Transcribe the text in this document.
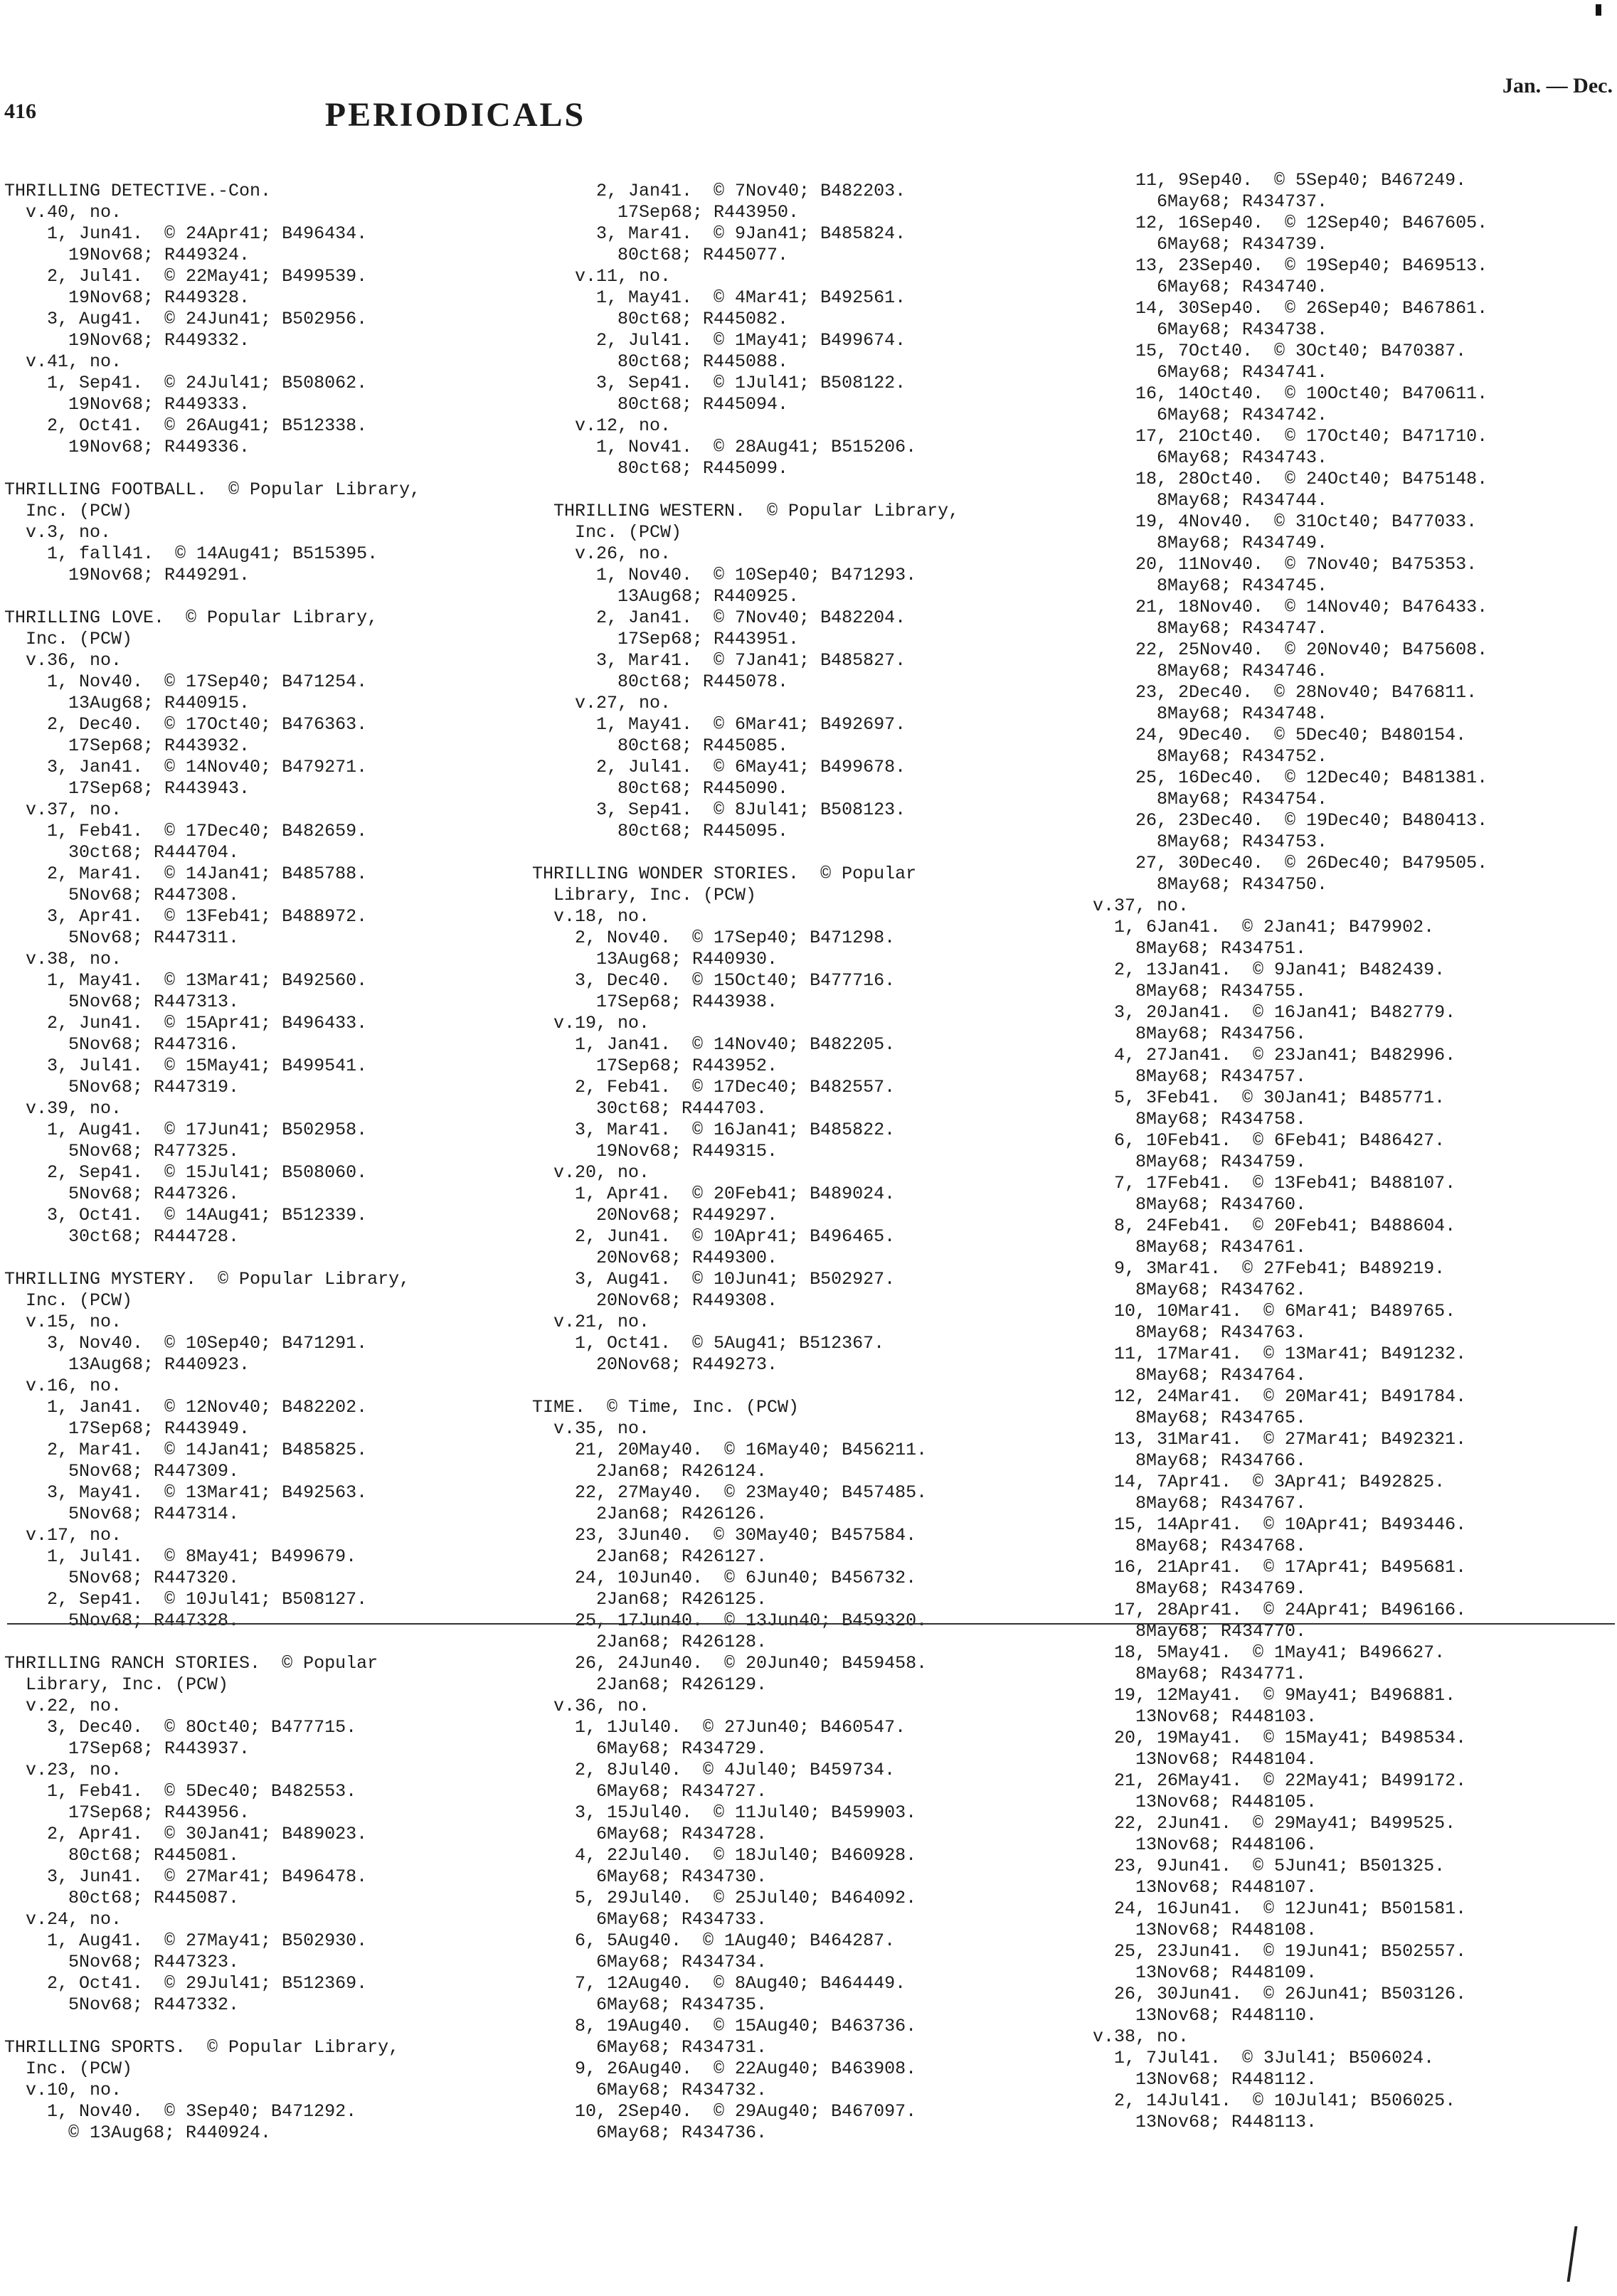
416	PERIODICALS
Jan. — Dec.
THRILLING DETECTIVE.-Con.
v.40, no.
1, Jun41.  © 24Apr41; B496434.
19Nov68; R449324.
2, Jul41.  © 22May41; B499539.
19Nov68; R449328.
3, Aug41.  © 24Jun41; B502956.
19Nov68; R449332.
v.41, no.
1, Sep41.  © 24Jul41; B508062.
19Nov68; R449333.
2, Oct41.  © 26Aug41; B512338.
19Nov68; R449336.
THRILLING FOOTBALL.  © Popular Library,
Inc. (PCW)
v.3, no.
1, fall41.  © 14Aug41; B515395.
19Nov68; R449291.
THRILLING LOVE.  © Popular Library,
Inc. (PCW)
v.36, no.
1, Nov40.  © 17Sep40; B471254.
13Aug68; R440915.
2, Dec40.  © 17Oct40; B476363.
17Sep68; R443932.
3, Jan41.  © 14Nov40; B479271.
17Sep68; R443943.
v.37, no.
1, Feb41.  © 17Dec40; B482659.
30ct68; R444704.
2, Mar41.  © 14Jan41; B485788.
5Nov68; R447308.
3, Apr41.  © 13Feb41; B488972.
5Nov68; R447311.
v.38, no.
1, May41.  © 13Mar41; B492560.
5Nov68; R447313.
2, Jun41.  © 15Apr41; B496433.
5Nov68; R447316.
3, Jul41.  © 15May41; B499541.
5Nov68; R447319.
v.39, no.
1, Aug41.  © 17Jun41; B502958.
5Nov68; R477325.
2, Sep41.  © 15Jul41; B508060.
5Nov68; R447326.
3, Oct41.  © 14Aug41; B512339.
30ct68; R444728.
THRILLING MYSTERY.  © Popular Library,
Inc. (PCW)
v.15, no.
3, Nov40.  © 10Sep40; B471291.
13Aug68; R440923.
v.16, no.
1, Jan41.  © 12Nov40; B482202.
17Sep68; R443949.
2, Mar41.  © 14Jan41; B485825.
5Nov68; R447309.
3, May41.  © 13Mar41; B492563.
5Nov68; R447314.
v.17, no.
1, Jul41.  © 8May41; B499679.
5Nov68; R447320.
2, Sep41.  © 10Jul41; B508127.
5Nov68; R447328.
THRILLING RANCH STORIES.  © Popular
Library, Inc. (PCW)
v.22, no.
3, Dec40.  © 8Oct40; B477715.
17Sep68; R443937.
v.23, no.
1, Feb41.  © 5Dec40; B482553.
17Sep68; R443956.
2, Apr41.  © 30Jan41; B489023.
80ct68; R445081.
3, Jun41.  © 27Mar41; B496478.
80ct68; R445087.
v.24, no.
1, Aug41.  © 27May41; B502930.
5Nov68; R447323.
2, Oct41.  © 29Jul41; B512369.
5Nov68; R447332.
THRILLING SPORTS.  © Popular Library,
Inc. (PCW)
v.10, no.
1, Nov40.  © 3Sep40; B471292.
© 13Aug68; R440924.
2, Jan41.  © 7Nov40; B482203.
17Sep68; R443950.
3, Mar41.  © 9Jan41; B485824.
80ct68; R445077.
v.11, no.
1, May41.  © 4Mar41; B492561.
80ct68; R445082.
2, Jul41.  © 1May41; B499674.
80ct68; R445088.
3, Sep41.  © 1Jul41; B508122.
80ct68; R445094.
v.12, no.
1, Nov41.  © 28Aug41; B515206.
80ct68; R445099.
THRILLING WESTERN.  © Popular Library,
Inc. (PCW)
v.26, no.
1, Nov40.  © 10Sep40; B471293.
13Aug68; R440925.
2, Jan41.  © 7Nov40; B482204.
17Sep68; R443951.
3, Mar41.  © 7Jan41; B485827.
80ct68; R445078.
v.27, no.
1, May41.  © 6Mar41; B492697.
80ct68; R445085.
2, Jul41.  © 6May41; B499678.
80ct68; R445090.
3, Sep41.  © 8Jul41; B508123.
80ct68; R445095.
THRILLING WONDER STORIES.  © Popular
Library, Inc. (PCW)
v.18, no.
2, Nov40.  © 17Sep40; B471298.
13Aug68; R440930.
3, Dec40.  © 15Oct40; B477716.
17Sep68; R443938.
v.19, no.
1, Jan41.  © 14Nov40; B482205.
17Sep68; R443952.
2, Feb41.  © 17Dec40; B482557.
30ct68; R444703.
3, Mar41.  © 16Jan41; B485822.
19Nov68; R449315.
v.20, no.
1, Apr41.  © 20Feb41; B489024.
20Nov68; R449297.
2, Jun41.  © 10Apr41; B496465.
20Nov68; R449300.
3, Aug41.  © 10Jun41; B502927.
20Nov68; R449308.
v.21, no.
1, Oct41.  © 5Aug41; B512367.
20Nov68; R449273.
TIME.  © Time, Inc. (PCW)
v.35, no.
21, 20May40.  © 16May40; B456211.
2Jan68; R426124.
22, 27May40.  © 23May40; B457485.
2Jan68; R426126.
23, 3Jun40.  © 30May40; B457584.
2Jan68; R426127.
24, 10Jun40.  © 6Jun40; B456732.
2Jan68; R426125.
25, 17Jun40.  © 13Jun40; B459320.
2Jan68; R426128.
26, 24Jun40.  © 20Jun40; B459458.
2Jan68; R426129.
v.36, no.
1, 1Jul40.  © 27Jun40; B460547.
6May68; R434729.
2, 8Jul40.  © 4Jul40; B459734.
6May68; R434727.
3, 15Jul40.  © 11Jul40; B459903.
6May68; R434728.
4, 22Jul40.  © 18Jul40; B460928.
6May68; R434730.
5, 29Jul40.  © 25Jul40; B464092.
6May68; R434733.
6, 5Aug40.  © 1Aug40; B464287.
6May68; R434734.
7, 12Aug40.  © 8Aug40; B464449.
6May68; R434735.
8, 19Aug40.  © 15Aug40; B463736.
6May68; R434731.
9, 26Aug40.  © 22Aug40; B463908.
6May68; R434732.
10, 2Sep40.  © 29Aug40; B467097.
6May68; R434736.
11, 9Sep40.  © 5Sep40; B467249.
6May68; R434737.
12, 16Sep40.  © 12Sep40; B467605.
6May68; R434739.
13, 23Sep40.  © 19Sep40; B469513.
6May68; R434740.
14, 30Sep40.  © 26Sep40; B467861.
6May68; R434738.
15, 7Oct40.  © 3Oct40; B470387.
6May68; R434741.
16, 14Oct40.  © 10Oct40; B470611.
6May68; R434742.
17, 21Oct40.  © 17Oct40; B471710.
6May68; R434743.
18, 28Oct40.  © 24Oct40; B475148.
8May68; R434744.
19, 4Nov40.  © 31Oct40; B477033.
8May68; R434749.
20, 11Nov40.  © 7Nov40; B475353.
8May68; R434745.
21, 18Nov40.  © 14Nov40; B476433.
8May68; R434747.
22, 25Nov40.  © 20Nov40; B475608.
8May68; R434746.
23, 2Dec40.  © 28Nov40; B476811.
8May68; R434748.
24, 9Dec40.  © 5Dec40; B480154.
8May68; R434752.
25, 16Dec40.  © 12Dec40; B481381.
8May68; R434754.
26, 23Dec40.  © 19Dec40; B480413.
8May68; R434753.
27, 30Dec40.  © 26Dec40; B479505.
8May68; R434750.
v.37, no.
1, 6Jan41.  © 2Jan41; B479902.
8May68; R434751.
2, 13Jan41.  © 9Jan41; B482439.
8May68; R434755.
3, 20Jan41.  © 16Jan41; B482779.
8May68; R434756.
4, 27Jan41.  © 23Jan41; B482996.
8May68; R434757.
5, 3Feb41.  © 30Jan41; B485771.
8May68; R434758.
6, 10Feb41.  © 6Feb41; B486427.
8May68; R434759.
7, 17Feb41.  © 13Feb41; B488107.
8May68; R434760.
8, 24Feb41.  © 20Feb41; B488604.
8May68; R434761.
9, 3Mar41.  © 27Feb41; B489219.
8May68; R434762.
10, 10Mar41.  © 6Mar41; B489765.
8May68; R434763.
11, 17Mar41.  © 13Mar41; B491232.
8May68; R434764.
12, 24Mar41.  © 20Mar41; B491784.
8May68; R434765.
13, 31Mar41.  © 27Mar41; B492321.
8May68; R434766.
14, 7Apr41.  © 3Apr41; B492825.
8May68; R434767.
15, 14Apr41.  © 10Apr41; B493446.
8May68; R434768.
16, 21Apr41.  © 17Apr41; B495681.
8May68; R434769.
17, 28Apr41.  © 24Apr41; B496166.
8May68; R434770.
18, 5May41.  © 1May41; B496627.
8May68; R434771.
19, 12May41.  © 9May41; B496881.
13Nov68; R448103.
20, 19May41.  © 15May41; B498534.
13Nov68; R448104.
21, 26May41.  © 22May41; B499172.
13Nov68; R448105.
22, 2Jun41.  © 29May41; B499525.
13Nov68; R448106.
23, 9Jun41.  © 5Jun41; B501325.
13Nov68; R448107.
24, 16Jun41.  © 12Jun41; B501581.
13Nov68; R448108.
25, 23Jun41.  © 19Jun41; B502557.
13Nov68; R448109.
26, 30Jun41.  © 26Jun41; B503126.
13Nov68; R448110.
v.38, no.
1, 7Jul41.  © 3Jul41; B506024.
13Nov68; R448112.
2, 14Jul41.  © 10Jul41; B506025.
13Nov68; R448113.
